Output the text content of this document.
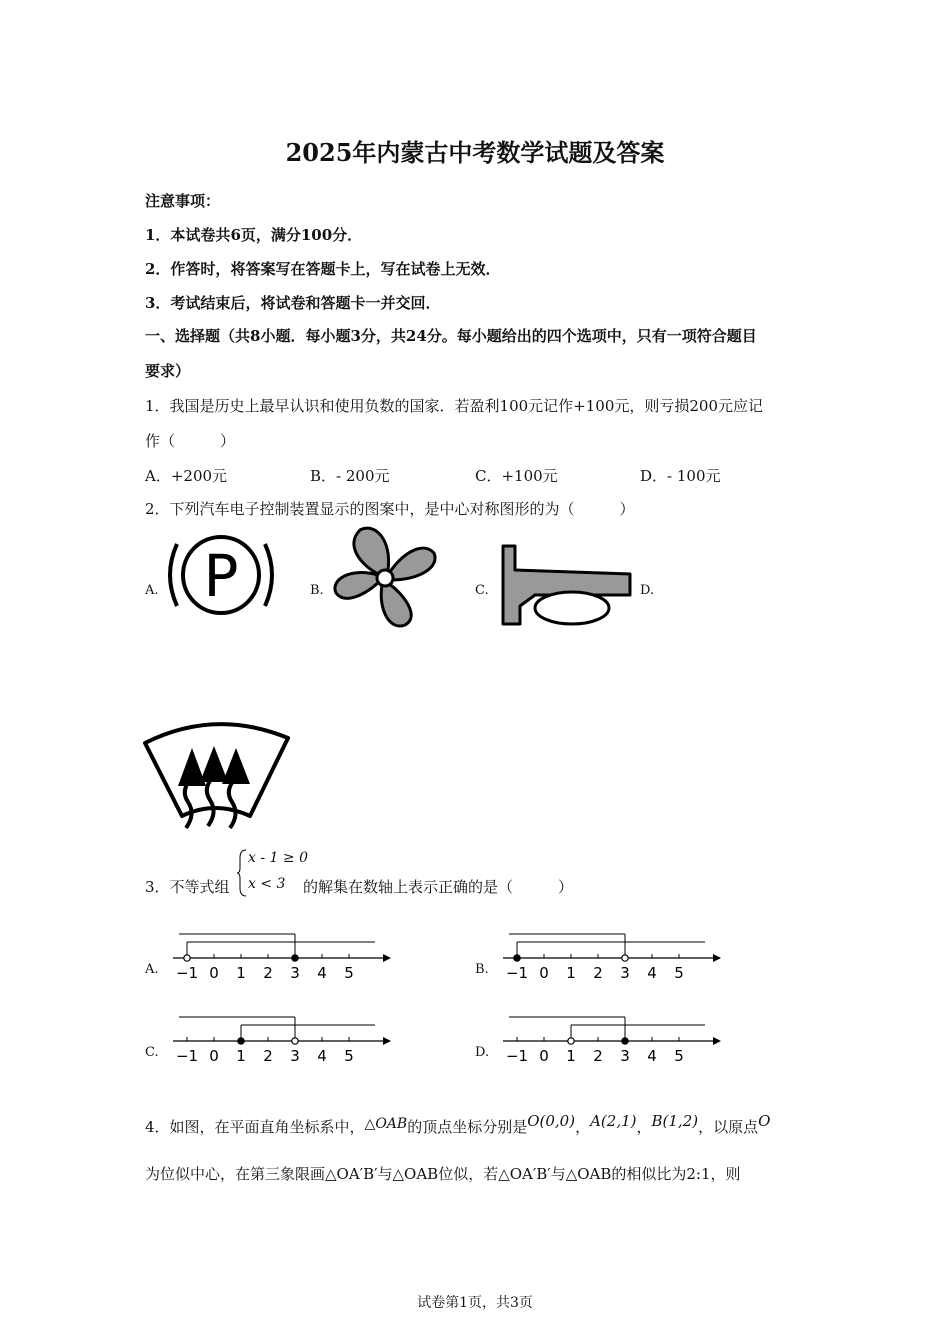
2025年内蒙古中考数学试题及答案
注意事项：
1．本试卷共6页，满分100分．
2．作答时，将答案写在答题卡上，写在试卷上无效．
3．考试结束后，将试卷和答题卡一并交回．
一、选择题（共8小题．每小题3分，共24分。每小题给出的四个选项中，只有一项符合题目
要求）
1．我国是历史上最早认识和使用负数的国家．若盈利100元记作+100元，则亏损200元应记
作（　　　）
A．+200元	B．- 200元	C．+100元	D．- 100元
2．下列汽车电子控制装置显示的图案中，是中心对称图形的为（　　　）
A.	B.	C.	D.
P
3．不等式组
x - 1 ≥ 0
x < 3 的解集在数轴上表示正确的是（　　　）
A.	B.
C.	D.
−1 0 1 2 3 4 5	−1 0 1 2 3 4 5
−1 0 1 2 3 4 5	−1 0 1 2 3 4 5
4．如图，在平面直角坐标系中，△OAB的顶点坐标分别是O(0,0)，A(2,1)，B(1,2)，以原点O
为位似中心，在第三象限画△OA′B′与△OAB位似，若△OA′B′与△OAB的相似比为2:1，则
试卷第1页，共3页
